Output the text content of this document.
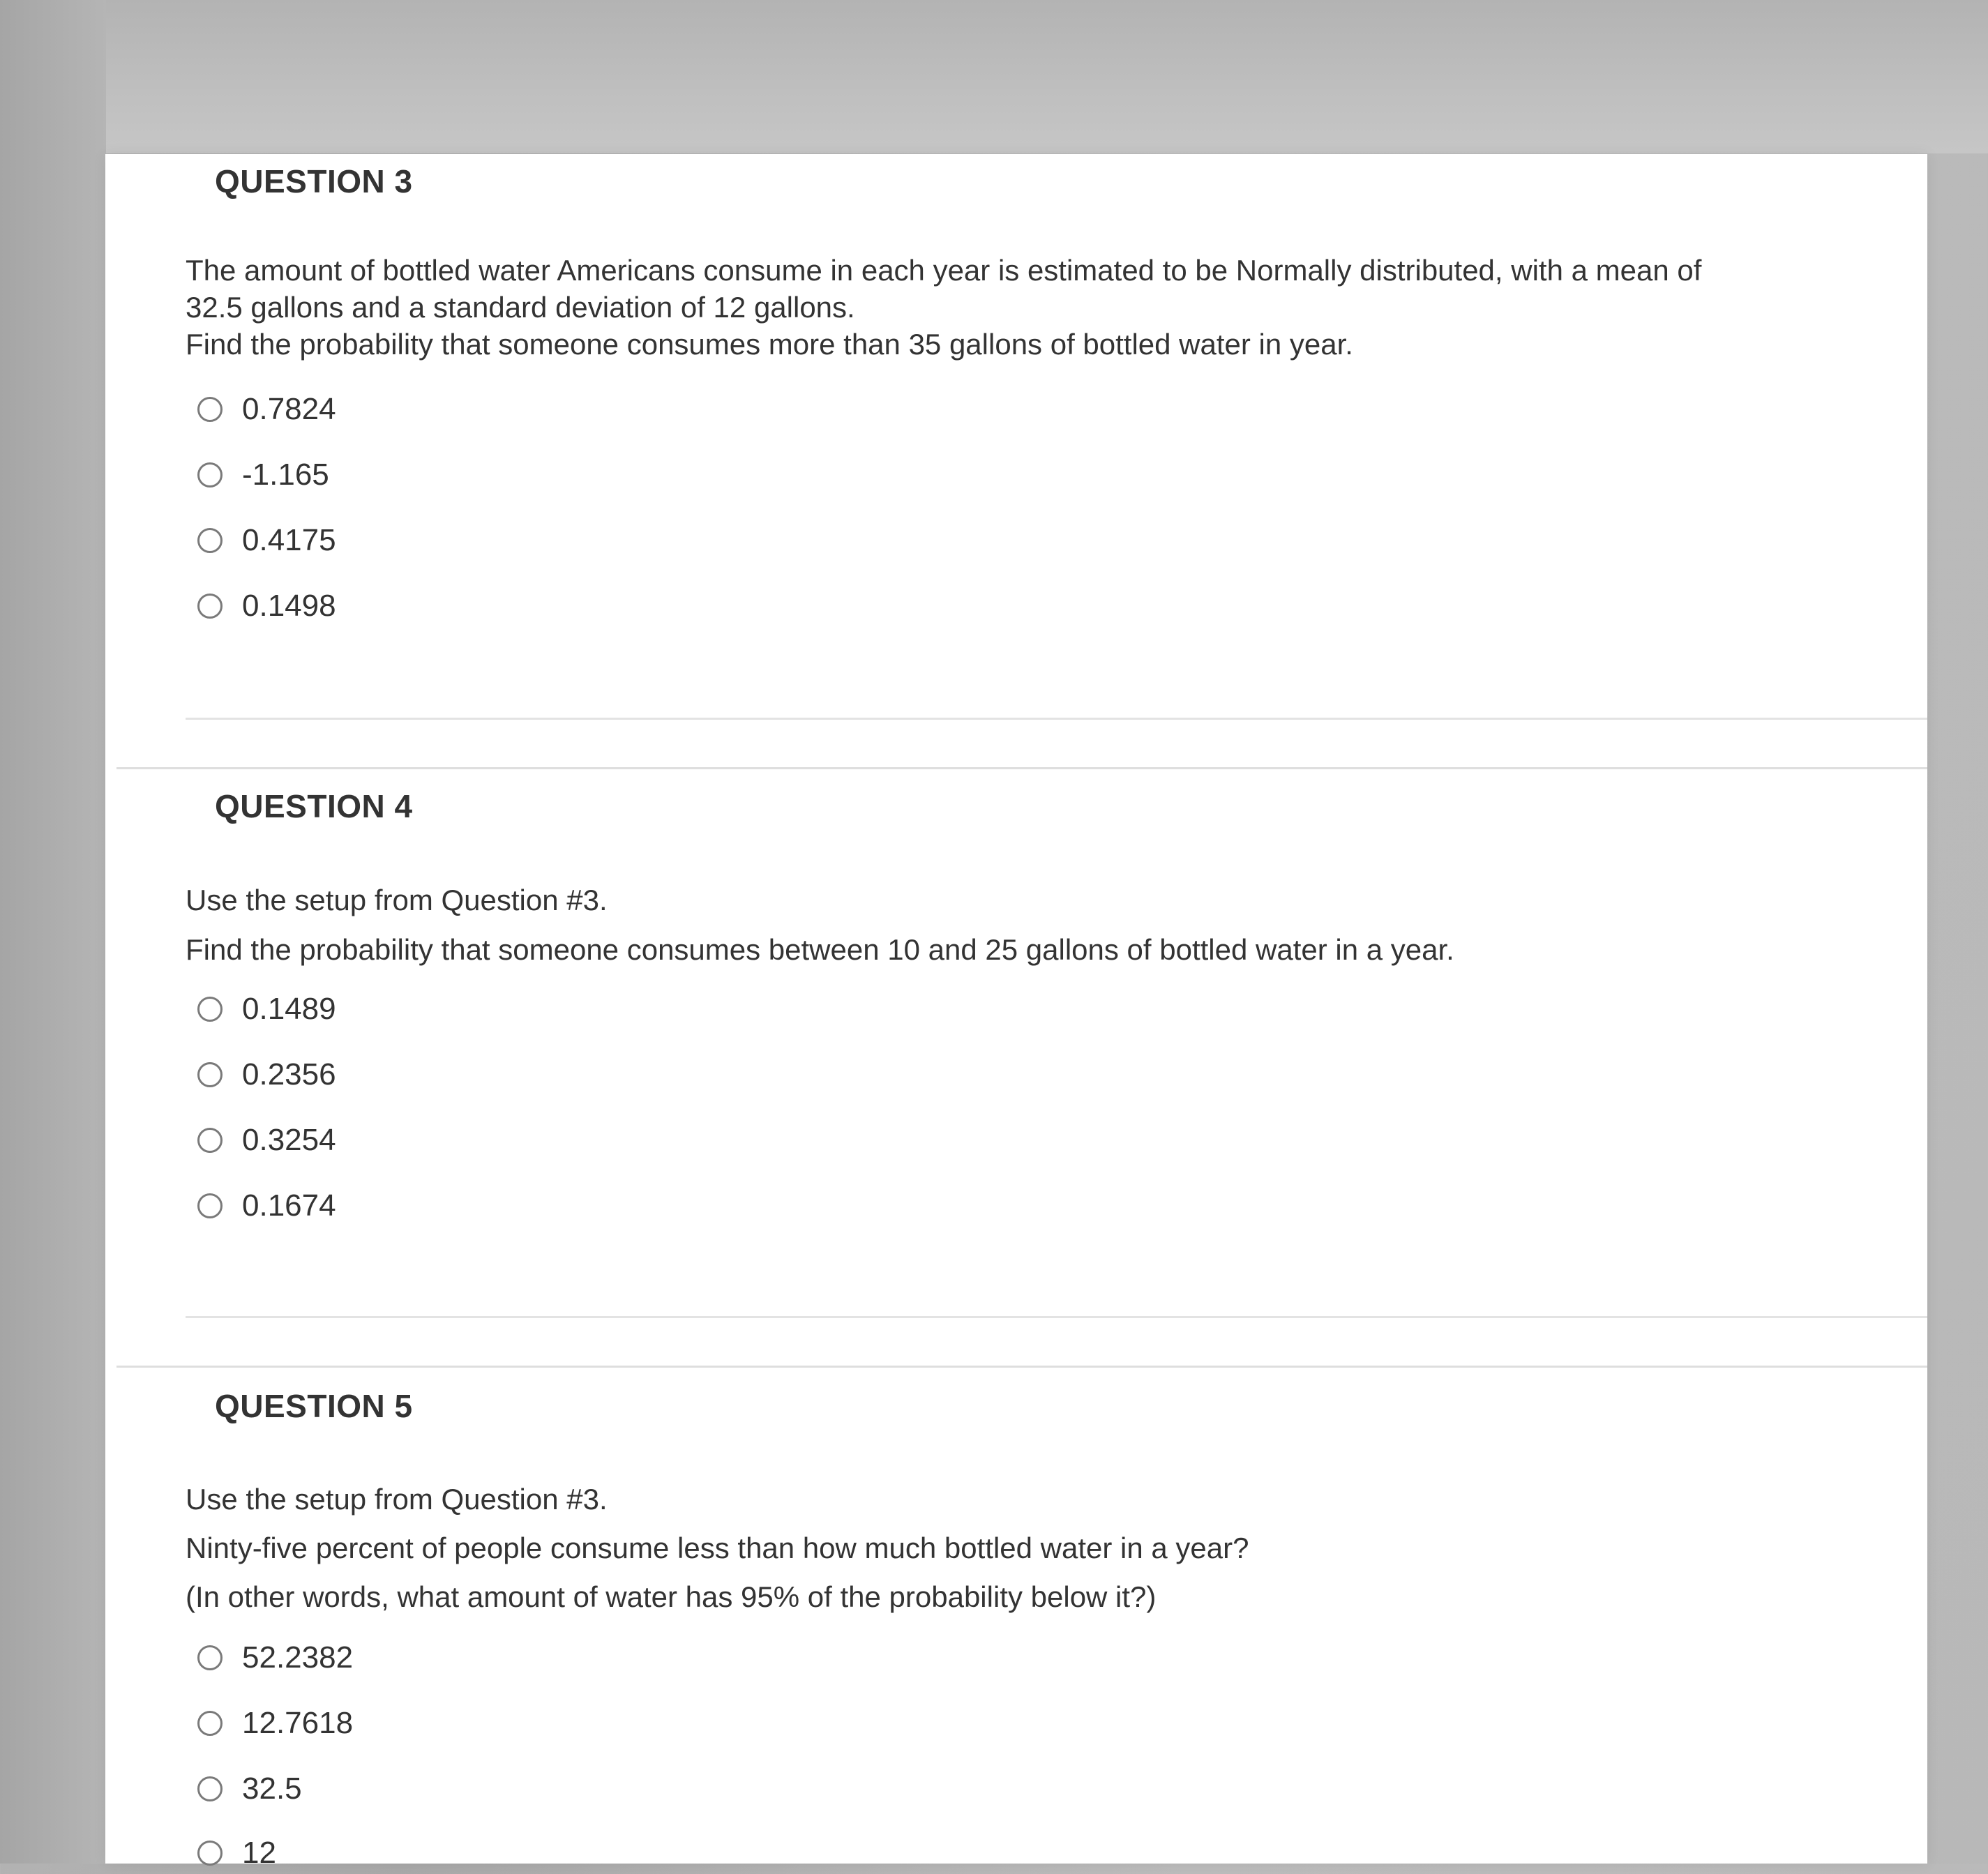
QUESTION 3
The amount of bottled water Americans consume in each year is estimated to be Normally distributed, with a mean of
32.5 gallons and a standard deviation of 12 gallons.
Find the probability that someone consumes more than 35 gallons of bottled water in year.
0.7824
-1.165
0.4175
0.1498
QUESTION 4
Use the setup from Question #3.
Find the probability that someone consumes between 10 and 25 gallons of bottled water in a year.
0.1489
0.2356
0.3254
0.1674
QUESTION 5
Use the setup from Question #3.
Ninty-five percent of people consume less than how much bottled water in a year?
(In other words, what amount of water has 95% of the probability below it?)
52.2382
12.7618
32.5
12
